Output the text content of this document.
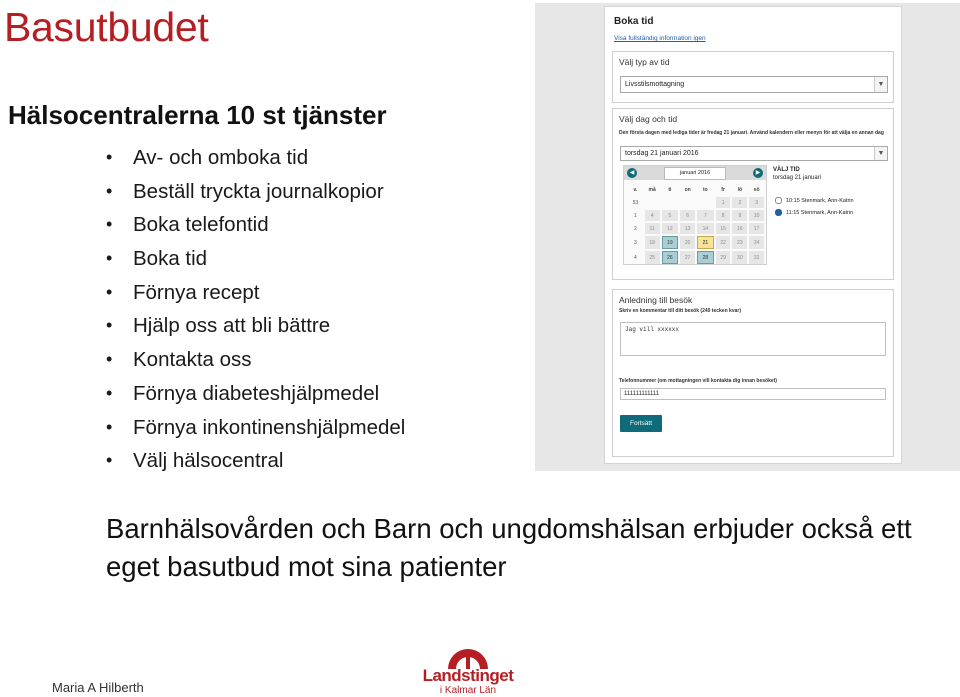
Basutbudet
Hälsocentralerna 10 st tjänster
• Av- och omboka tid
• Beställ tryckta journalkopior
• Boka telefontid
• Boka tid
• Förnya recept
• Hjälp oss att bli bättre
• Kontakta oss
• Förnya diabeteshjälpmedel
• Förnya inkontinenshjälpmedel
• Välj hälsocentral
Boka tid
Visa fullständig information igen
Välj typ av tid
Livsstilsmottagning	▼
Välj dag och tid
Den första dagen med lediga tider är fredag 21 januari. Använd kalendern eller menyn för att välja en annan dag
torsdag 21 januari 2016	▼
◀	januari 2016	▶
v.	må	ti	on	to	fr	lö	sö
53					1	2	3
1	4	5	6	7	8	9	10
2	11	12	13	14	15	16	17
3	18	19	20	21	22	23	24
4	25	26	27	28	29	30	31
VÄLJ TID
torsdag 21 januari
10:15 Stenmark, Ann-Katrin
11:15 Stenmark, Ann-Katrin
Anledning till besök
Skriv en kommentar till ditt besök (240 tecken kvar)
Jag vill xxxxxx
Telefonnummer (om mottagningen vill kontakta dig innan besöket)
111111111111
Fortsätt

Barnhälsovården och Barn och ungdomshälsan erbjuder också ett eget basutbud mot sina patienter

Maria A Hilberth
Landstinget
i Kalmar Län
